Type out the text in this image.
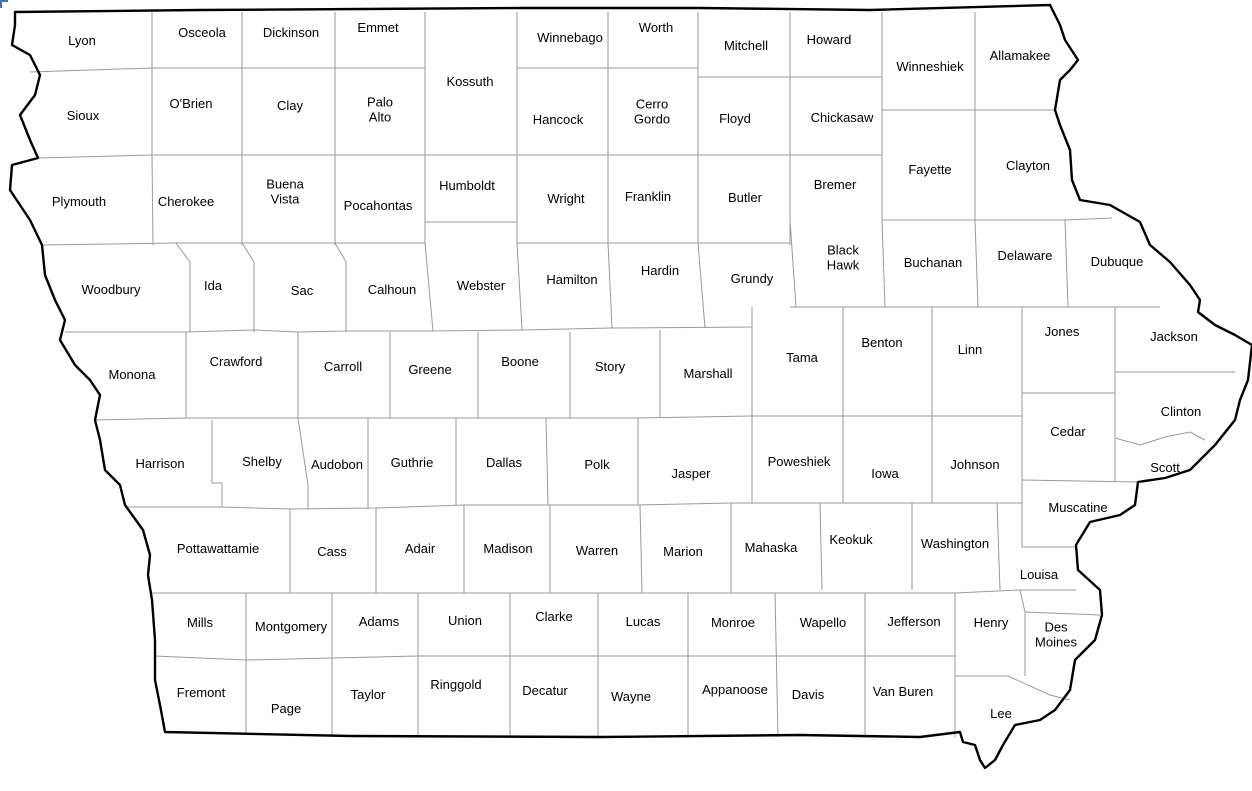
Lyon
Osceola	Dickinson	Emmet
Kossuth
Winnebago
Worth
Mitchell	Howard
Winneshiek
Allamakee
Sioux
O'Brien	Clay	Palo
Alto	Hancock
Cerro
Gordo	Floyd	Chickasaw
Fayette	Clayton
Plymouth	Cherokee
Buena
Vista	Pocahontas
Humboldt
Wright	Franklin	Butler
Bremer
Woodbury	Ida	Sac	Calhoun	Webster	Hamilton
Hardin
Grundy
Black
Hawk	Buchanan	Delaware	Dubuque
Monona
Crawford	Carroll	Greene
Boone	Story	Marshall
Tama
Benton	Linn
Jones	Jackson
Harrison	Shelby Audobon Guthrie	Dallas	Polk
Jasper
Poweshiek
Iowa
Johnson
Cedar
Clinton
Scott
Muscatine
Pottawattamie	Cass	Adair	Madison	Warren	Marion	Mahaska
Keokuk	Washington
Louisa
Mills	Montgomery Adams	Union	Clarke	Lucas	Monroe	Wapello	Jefferson	Henry	Des
Moines
Fremont
Page
Taylor
Ringgold	Decatur	Wayne	Appanoose Davis	Van Buren
Lee
